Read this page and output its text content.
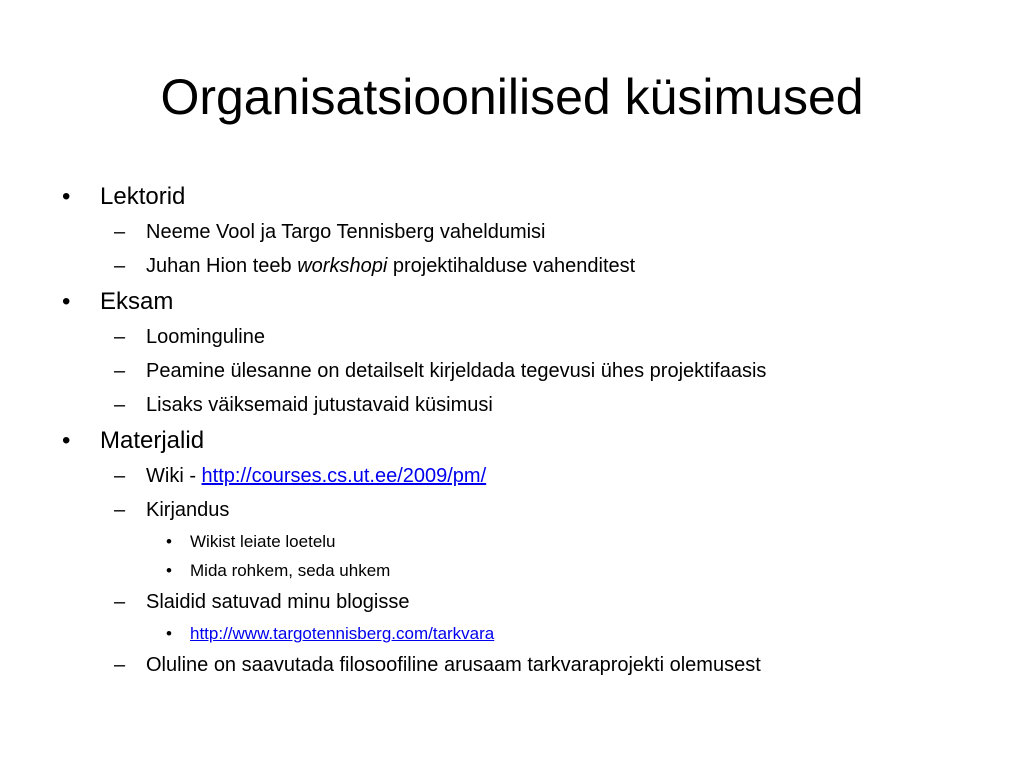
Organisatsioonilised küsimused
• Lektorid
– Neeme Vool ja Targo Tennisberg vaheldumisi
– Juhan Hion teeb workshopi projektihalduse vahenditest
• Eksam
– Loominguline
– Peamine ülesanne on detailselt kirjeldada tegevusi ühes projektifaasis
– Lisaks väiksemaid jutustavaid küsimusi
• Materjalid
– Wiki - http://courses.cs.ut.ee/2009/pm/
– Kirjandus
• Wikist leiate loetelu
• Mida rohkem, seda uhkem
– Slaidid satuvad minu blogisse
• http://www.targotennisberg.com/tarkvara
– Oluline on saavutada filosoofiline arusaam tarkvaraprojekti olemusest
